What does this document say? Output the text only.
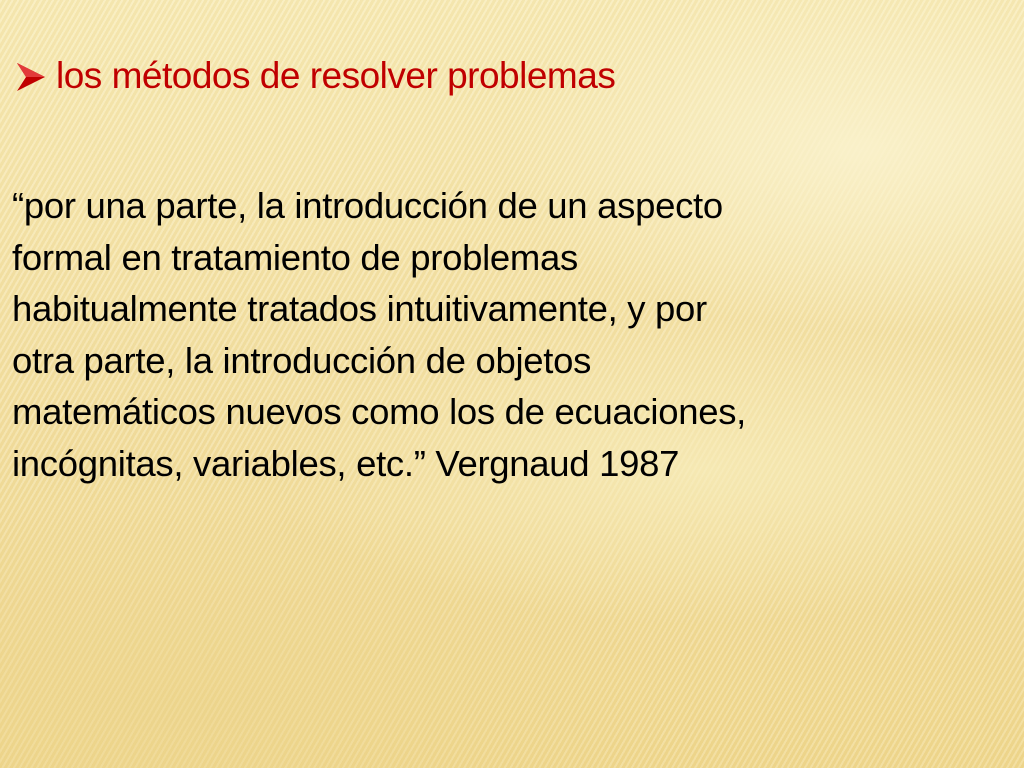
los métodos de resolver problemas
“por una parte, la introducción de un aspecto
formal en tratamiento de problemas
habitualmente tratados intuitivamente, y por
otra parte, la introducción de objetos
matemáticos nuevos como los de ecuaciones,
incógnitas, variables, etc.” Vergnaud 1987
